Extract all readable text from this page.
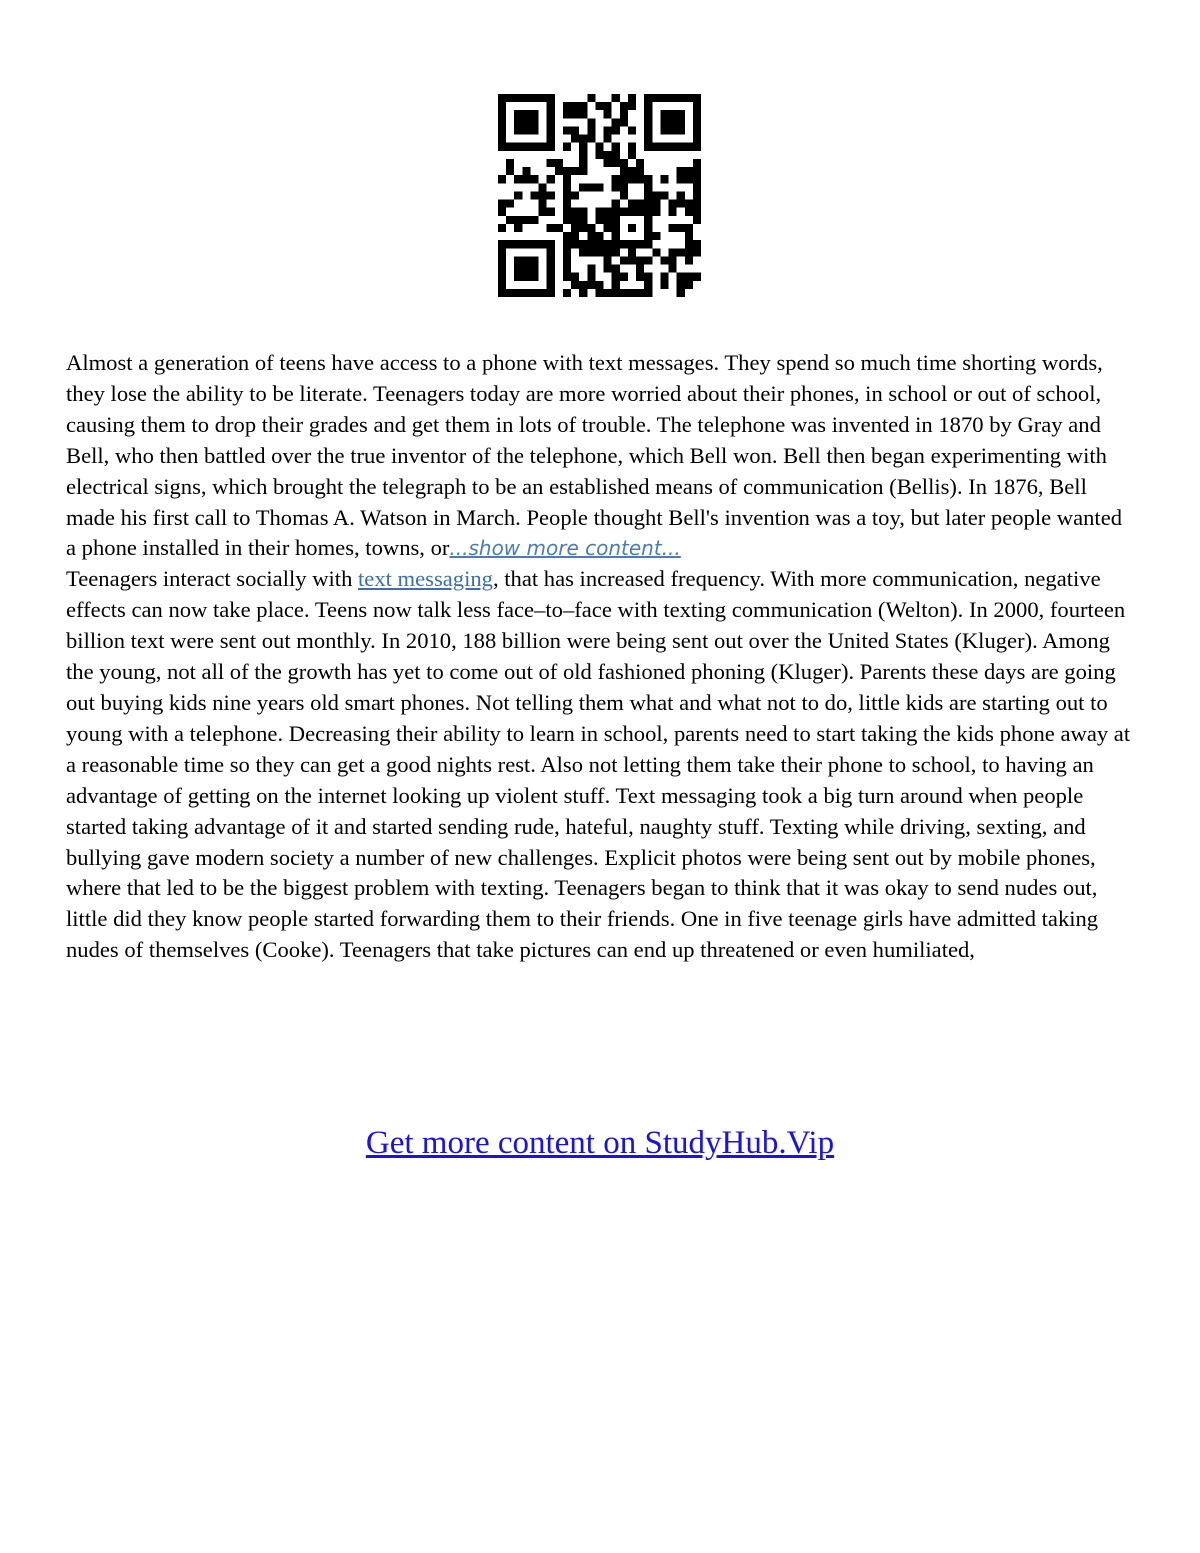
Almost a generation of teens have access to a phone with text messages. They spend so much time shorting words, they lose the ability to be literate. Teenagers today are more worried about their phones, in school or out of school, causing them to drop their grades and get them in lots of trouble. The telephone was invented in 1870 by Gray and Bell, who then battled over the true inventor of the telephone, which Bell won. Bell then began experimenting with electrical signs, which brought the telegraph to be an established means of communication (Bellis). In 1876, Bell made his first call to Thomas A. Watson in March. People thought Bell's invention was a toy, but later people wanted a phone installed in their homes, towns, or...show more content...

Teenagers interact socially with text messaging, that has increased frequency. With more communication, negative effects can now take place. Teens now talk less face–to–face with texting communication (Welton). In 2000, fourteen billion text were sent out monthly. In 2010, 188 billion were being sent out over the United States (Kluger). Among the young, not all of the growth has yet to come out of old fashioned phoning (Kluger). Parents these days are going out buying kids nine years old smart phones. Not telling them what and what not to do, little kids are starting out to young with a telephone. Decreasing their ability to learn in school, parents need to start taking the kids phone away at a reasonable time so they can get a good nights rest. Also not letting them take their phone to school, to having an advantage of getting on the internet looking up violent stuff. Text messaging took a big turn around when people started taking advantage of it and started sending rude, hateful, naughty stuff. Texting while driving, sexting, and bullying gave modern society a number of new challenges. Explicit photos were being sent out by mobile phones, where that led to be the biggest problem with texting. Teenagers began to think that it was okay to send nudes out, little did they know people started forwarding them to their friends. One in five teenage girls have admitted taking nudes of themselves (Cooke). Teenagers that take pictures can end up threatened or even humiliated,

Get more content on StudyHub.Vip
